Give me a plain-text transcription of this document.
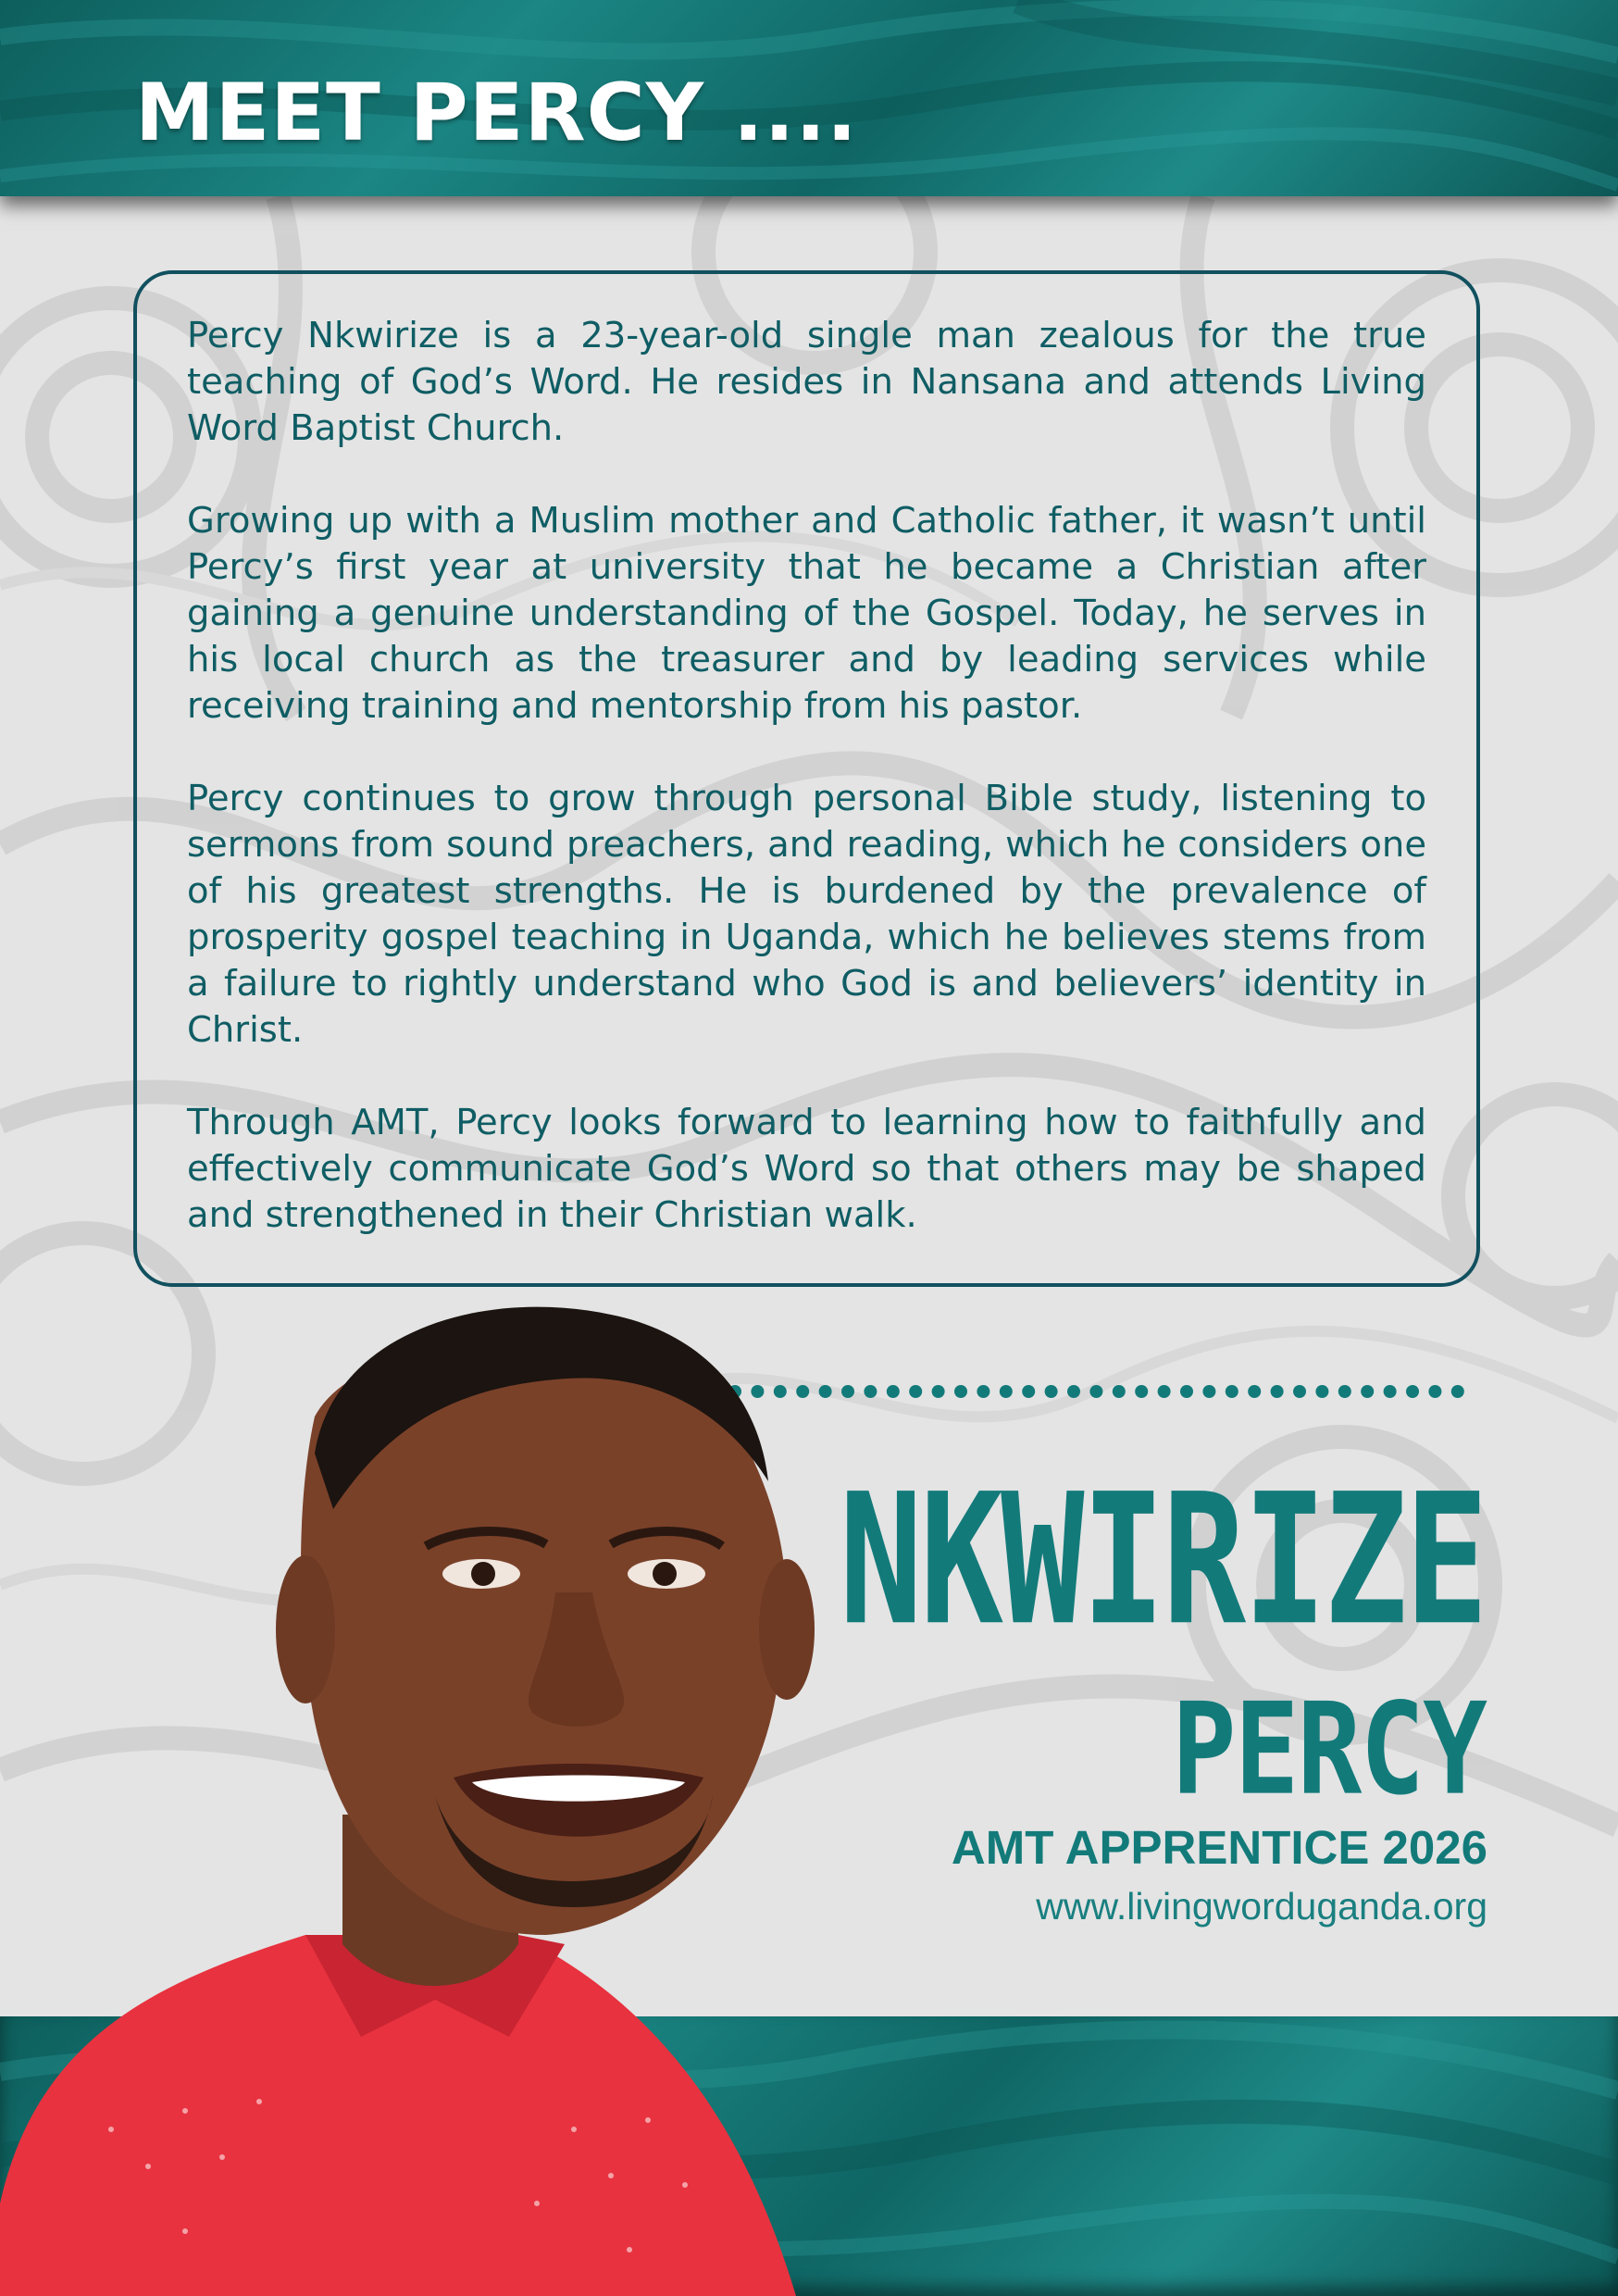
MEET PERCY ....

Percy Nkwirize is a 23-year-old single man zealous for the true teaching of God’s Word. He resides in Nansana and attends Living Word Baptist Church.

Growing up with a Muslim mother and Catholic father, it wasn’t until Percy’s first year at university that he became a Christian after gaining a genuine understanding of the Gospel. Today, he serves in his local church as the treasurer and by leading services while receiving training and mentorship from his pastor.

Percy continues to grow through personal Bible study, listening to sermons from sound preachers, and reading, which he considers one of his greatest strengths. He is burdened by the prevalence of prosperity gospel teaching in Uganda, which he believes stems from a failure to rightly understand who God is and believers’ identity in Christ.

Through AMT, Percy looks forward to learning how to faithfully and effectively communicate God’s Word so that others may be shaped and strengthened in their Christian walk.

NKWIRIZE
PERCY
AMT APPRENTICE 2026
www.livingworduganda.org
